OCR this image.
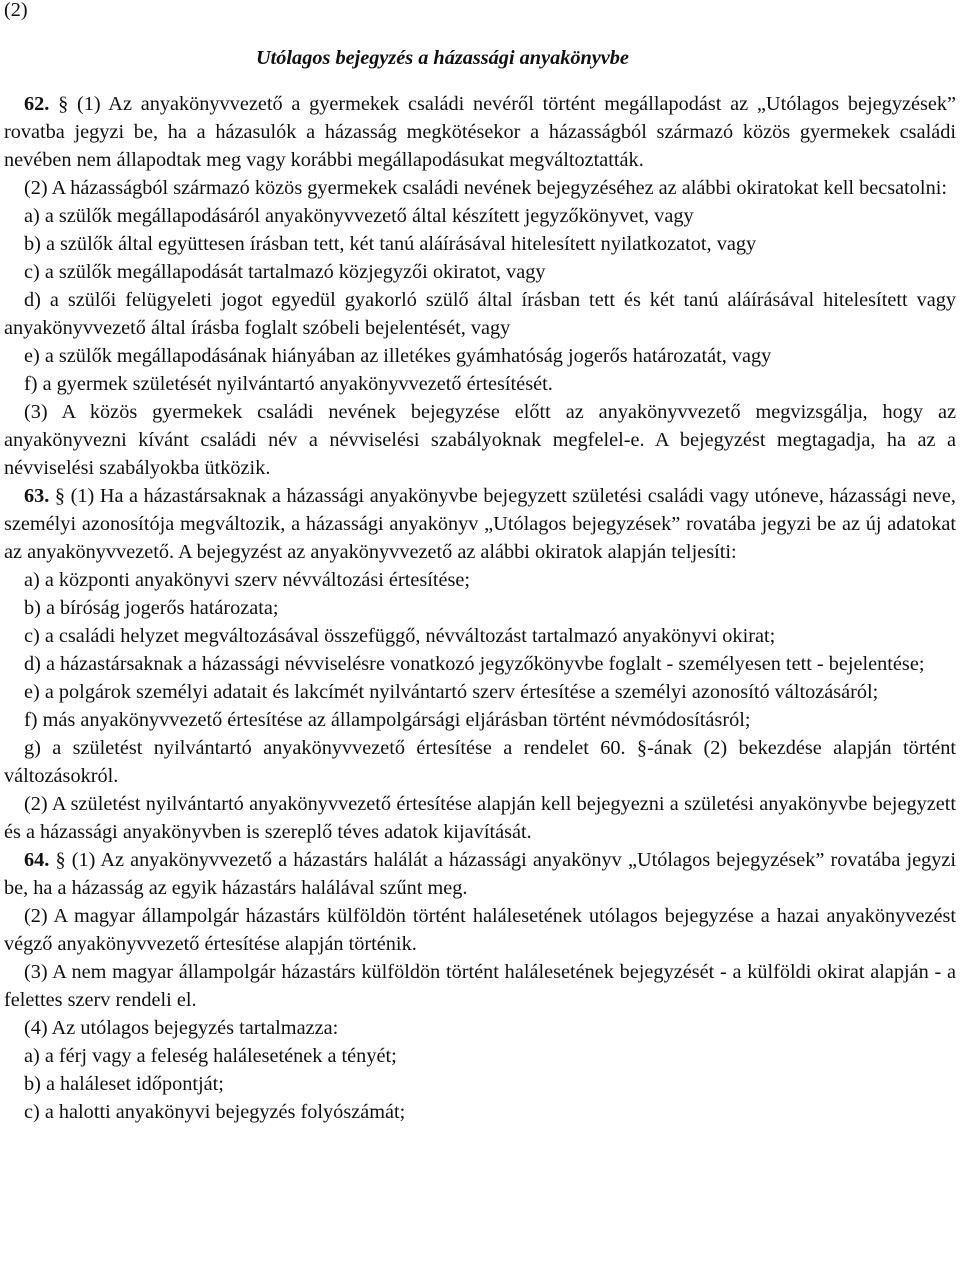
(2)
Utólagos bejegyzés a házassági anyakönyvbe

62. § (1) Az anyakönyvvezető a gyermekek családi nevéről történt megállapodást az „Utólagos bejegyzések” rovatba jegyzi be, ha a házasulók a házasság megkötésekor a házasságból származó közös gyermekek családi nevében nem állapodtak meg vagy korábbi megállapodásukat megváltoztatták.

(2) A házasságból származó közös gyermekek családi nevének bejegyzéséhez az alábbi okiratokat kell becsatolni:

a) a szülők megállapodásáról anyakönyvvezető által készített jegyzőkönyvet, vagy

b) a szülők által együttesen írásban tett, két tanú aláírásával hitelesített nyilatkozatot, vagy

c) a szülők megállapodását tartalmazó közjegyzői okiratot, vagy

d) a szülői felügyeleti jogot egyedül gyakorló szülő által írásban tett és két tanú aláírásával hitelesített vagy anyakönyvvezető által írásba foglalt szóbeli bejelentését, vagy

e) a szülők megállapodásának hiányában az illetékes gyámhatóság jogerős határozatát, vagy

f) a gyermek születését nyilvántartó anyakönyvvezető értesítését.

(3) A közös gyermekek családi nevének bejegyzése előtt az anyakönyvvezető megvizsgálja, hogy az anyakönyvezni kívánt családi név a névviselési szabályoknak megfelel-e. A bejegyzést megtagadja, ha az a névviselési szabályokba ütközik.

63. § (1) Ha a házastársaknak a házassági anyakönyvbe bejegyzett születési családi vagy utóneve, házassági neve, személyi azonosítója megváltozik, a házassági anyakönyv „Utólagos bejegyzések” rovatába jegyzi be az új adatokat az anyakönyvvezető. A bejegyzést az anyakönyvvezető az alábbi okiratok alapján teljesíti:

a) a központi anyakönyvi szerv névváltozási értesítése;

b) a bíróság jogerős határozata;

c) a családi helyzet megváltozásával összefüggő, névváltozást tartalmazó anyakönyvi okirat;

d) a házastársaknak a házassági névviselésre vonatkozó jegyzőkönyvbe foglalt - személyesen tett - bejelentése;

e) a polgárok személyi adatait és lakcímét nyilvántartó szerv értesítése a személyi azonosító változásáról;

f) más anyakönyvvezető értesítése az állampolgársági eljárásban történt névmódosításról;

g) a születést nyilvántartó anyakönyvvezető értesítése a rendelet 60. §-ának (2) bekezdése alapján történt változásokról.

(2) A születést nyilvántartó anyakönyvvezető értesítése alapján kell bejegyezni a születési anyakönyvbe bejegyzett és a házassági anyakönyvben is szereplő téves adatok kijavítását.

64. § (1) Az anyakönyvvezető a házastárs halálát a házassági anyakönyv „Utólagos bejegyzések” rovatába jegyzi be, ha a házasság az egyik házastárs halálával szűnt meg.

(2) A magyar állampolgár házastárs külföldön történt halálesetének utólagos bejegyzése a hazai anyakönyvezést végző anyakönyvvezető értesítése alapján történik.

(3) A nem magyar állampolgár házastárs külföldön történt halálesetének bejegyzését - a külföldi okirat alapján - a felettes szerv rendeli el.

(4) Az utólagos bejegyzés tartalmazza:

a) a férj vagy a feleség halálesetének a tényét;

b) a haláleset időpontját;

c) a halotti anyakönyvi bejegyzés folyószámát;
